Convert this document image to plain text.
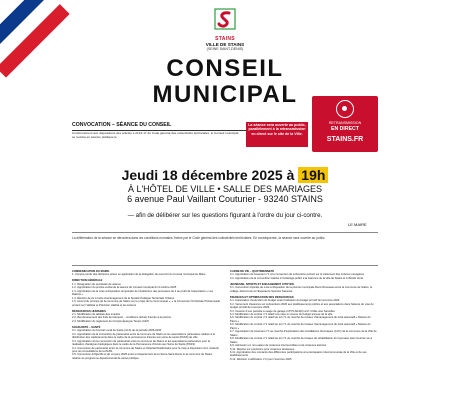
STAINS
VILLE DE STAINS
(SEINE SAINT-DENIS)
CONSEIL
MUNICIPAL
CONVOCATION – SÉANCE DU CONSEIL
Conformément aux dispositions des articles L.2121-17 du Code général des collectivités territoriales, le Conseil municipal se réunira en séance publique le :
La séance sera ouverte au public, parallèlement à la retransmission en direct sur le site de la Ville.
RETRANSMISSION
EN DIRECT
STAINS.FR
Jeudi 18 décembre 2025 à 19h
À L'HÔTEL DE VILLE • SALLE DES MARIAGES
6 avenue Paul Vaillant Couturier - 93240 STAINS
— afin de délibérer sur les questions figurant à l'ordre du jour ci-contre.
LE MAIRE
La délibération de la séance se déroulera dans les conditions normales, fixées par le Code général des collectivités territoriales. En conséquence, la séance sera ouverte au public.
COMMUNICATION DU MAIRE
1. Compte-rendu des décisions prises en application de la délégation de pouvoirs du Conseil municipal au Maire
DIRECTION GÉNÉRALE
1.1. Désignation du secrétaire de séance
1.2. Approbation du procès-verbal de la séance du Conseil municipal du 9 octobre 2025
1.3. Approbation de la mise à disposition temporaire de l'Auditorium des jeunesses de 4 au profit de l'association « Les Raisins »
1.4. Élection de 2e à l'acte d'aménagement de la Société Publique Territoriale Urbaine
1.5. Accord du principe de la commune de Stains sur le projet de la communauté », « la Convention Territoriale Pluriannuelle portant sur l'Habitat et Prévision Habitat et les Acteurs
RESSOURCES HUMAINES
2.1. Modification du tableau des emplois
2.2. Remboursement des frais de transport – conditions (ticket) d'accès à la piscine
2.3. Modification du règlement du Compte Épargne Temps (CET)
SOLIDARITÉ – SANTÉ
3.1. Approbation du Contrat Local de Santé (CLS) de la période 2026-2030
3.2. Approbation de la convention de partenariat entre la commune de Stains et les associations partenaires relative à la distribution des médicaments dans le cadre de la permanence d'accès aux soins de santé (PASS) de ville
3.3. Approbation d'une convention de partenariat entre la commune de Stains et les associations partenaires pour la réalisation d'analyses biologiques dans le cadre de la Permanence d'Accès aux Soins de Santé (PASS)
3.4. Convention de partenariat entre la commune de Stains et l'Hôpital Delafontaine pour la mise à disposition d'un médecin pour les consultations de la PASS
3.5. Convention d'objectifs et de moyens 2025 entre le Département de la Seine-Saint-Denis et la commune de Stains relative au programme départemental de santé publique
CADRE DE VIE – QUOTIDIENNETÉ
4.1. Approbation de l'avenant n°1 à la convention de subvention portant sur le traitement des ordures ménagères
4.2. Approbation de la convention relative à l'éclairage public à la Garenne de la ville de Stains et à l'Étoile Verte
JEUNESSE, SPORTS ET ENGAGEMENT CITOYEN
5.1. Convention tripartite de mise à disposition de la piscine municipale René Rousseau entre la commune de Stains, le collège Joliot-Curie et l'Espérance Sportive Stanoise
FINANCES ET OPTIMISATION DES RESSOURCES
6.1. Autorisation d'exécution du budget avant l'adoption du budget primitif de l'exercice 2026
6.2. Versement d'avances sur subventions 2026 aux établissements publics et aux associations dans l'attente du vote du budget primitif de l'exercice 2026
6.3. Cession d'une parcelle à usage de garage (CP75 AH100) à M. COEL sise Sarcelles
6.4. Modification du contrat n°1 relatif à la mise en œuvre du budget annexe de la ville
6.5. Modification du contrat n°2 relatif au lot n°1 du marché de travaux d'aménagement du local associatif « Maison du Parcs »
6.6. Modification du contrat n°1 relatif au lot n°1 du marché de travaux d'aménagement du local associatif « Maison du Parcs »
6.7. Approbation de l'avenant n°1 au marché d'exploitation des installations thermiques (CVC) de la commune de la Ville de Stains
6.8. Modification de contrat n°1 relatif au lot n°1 du marché de travaux de réhabilitation du Gymnase Jean Guimier sis à Stains
6.9. Admission en non-valeur de créances irrécouvrables et de créances éteintes
6.10. Reprise sur provisions pour créances douteuses
6.11. Approbation des montants des différentes participations à la péréquation intercommunale de la Ville et de ses établissements
6.12. Décision modificative n°2 pour l'exercice 2025
